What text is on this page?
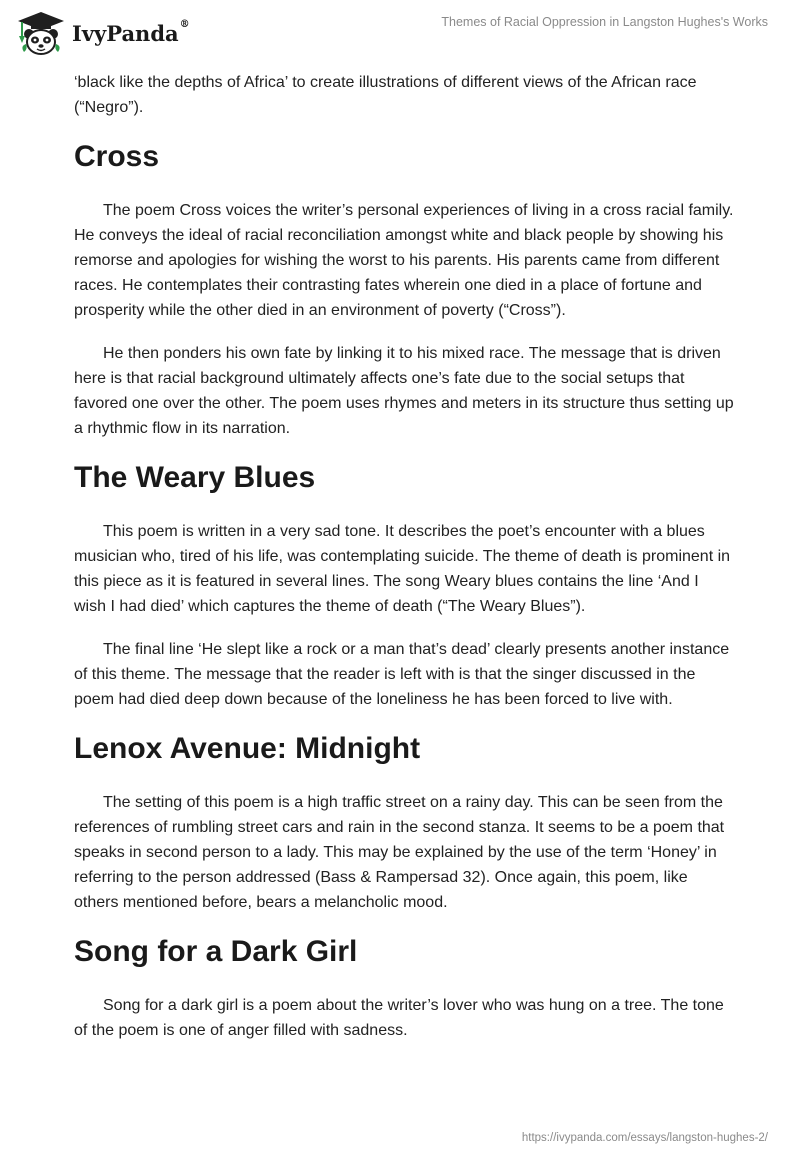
IvyPanda®	Themes of Racial Oppression in Langston Hughes's Works

‘black like the depths of Africa’ to create illustrations of different views of the African race (“Negro”).

Cross

The poem Cross voices the writer’s personal experiences of living in a cross racial family. He conveys the ideal of racial reconciliation amongst white and black people by showing his remorse and apologies for wishing the worst to his parents. His parents came from different races. He contemplates their contrasting fates wherein one died in a place of fortune and prosperity while the other died in an environment of poverty (“Cross”).

He then ponders his own fate by linking it to his mixed race. The message that is driven here is that racial background ultimately affects one’s fate due to the social setups that favored one over the other. The poem uses rhymes and meters in its structure thus setting up a rhythmic flow in its narration.

The Weary Blues

This poem is written in a very sad tone. It describes the poet’s encounter with a blues musician who, tired of his life, was contemplating suicide. The theme of death is prominent in this piece as it is featured in several lines. The song Weary blues contains the line ‘And I wish I had died’ which captures the theme of death (“The Weary Blues”).

The final line ‘He slept like a rock or a man that’s dead’ clearly presents another instance of this theme. The message that the reader is left with is that the singer discussed in the poem had died deep down because of the loneliness he has been forced to live with.

Lenox Avenue: Midnight

The setting of this poem is a high traffic street on a rainy day. This can be seen from the references of rumbling street cars and rain in the second stanza. It seems to be a poem that speaks in second person to a lady. This may be explained by the use of the term ‘Honey’ in referring to the person addressed (Bass & Rampersad 32). Once again, this poem, like others mentioned before, bears a melancholic mood.

Song for a Dark Girl

Song for a dark girl is a poem about the writer’s lover who was hung on a tree. The tone of the poem is one of anger filled with sadness.

https://ivypanda.com/essays/langston-hughes-2/
